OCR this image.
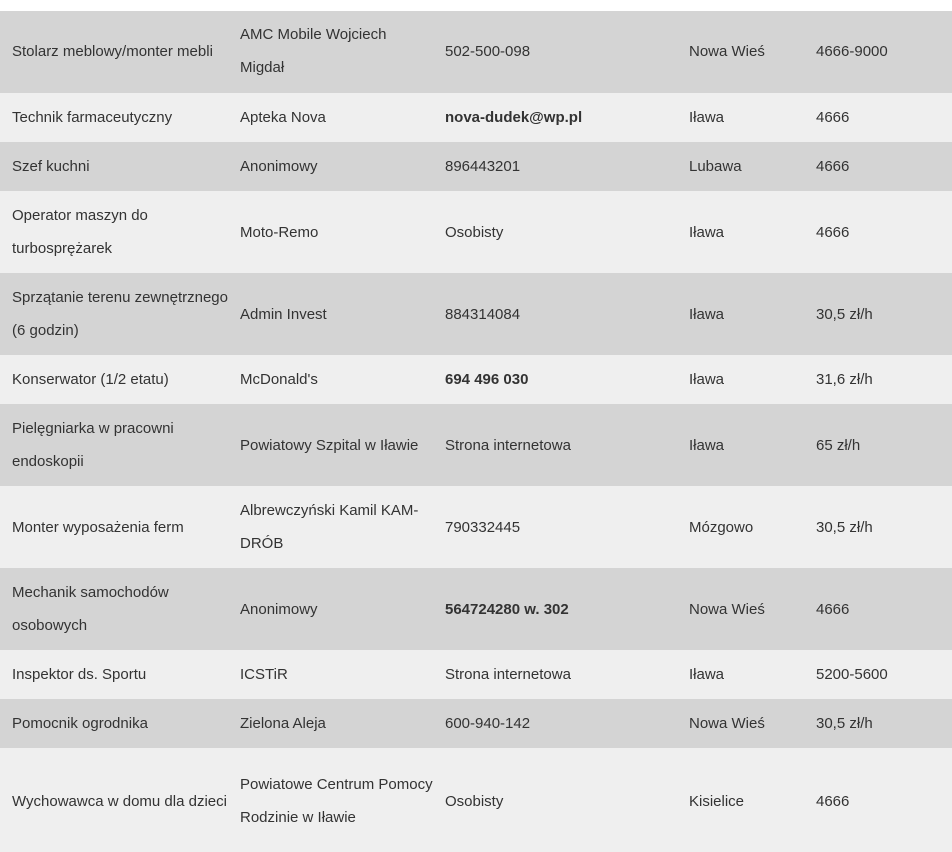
Stolarz meblowy/monter mebli	AMC Mobile Wojciech Migdał	502-500-098	Nowa Wieś	4666-9000
Technik farmaceutyczny	Apteka Nova	nova-dudek@wp.pl	Iława	4666
Szef kuchni	Anonimowy	896443201	Lubawa	4666
Operator maszyn do turbosprężarek	Moto-Remo	Osobisty	Iława	4666
Sprzątanie terenu zewnętrznego (6 godzin)	Admin Invest	884314084	Iława	30,5 zł/h
Konserwator (1/2 etatu)	McDonald's	694 496 030	Iława	31,6 zł/h
Pielęgniarka w pracowni endoskopii	Powiatowy Szpital w Iławie	Strona internetowa	Iława	65 zł/h
Monter wyposażenia ferm	Albrewczyński Kamil KAM-DRÓB	790332445	Mózgowo	30,5 zł/h
Mechanik samochodów osobowych	Anonimowy	564724280 w. 302	Nowa Wieś	4666
Inspektor ds. Sportu	ICSTiR	Strona internetowa	Iława	5200-5600
Pomocnik ogrodnika	Zielona Aleja	600-940-142	Nowa Wieś	30,5 zł/h
Wychowawca w domu dla dzieci	Powiatowe Centrum Pomocy Rodzinie w Iławie	Osobisty	Kisielice	4666
